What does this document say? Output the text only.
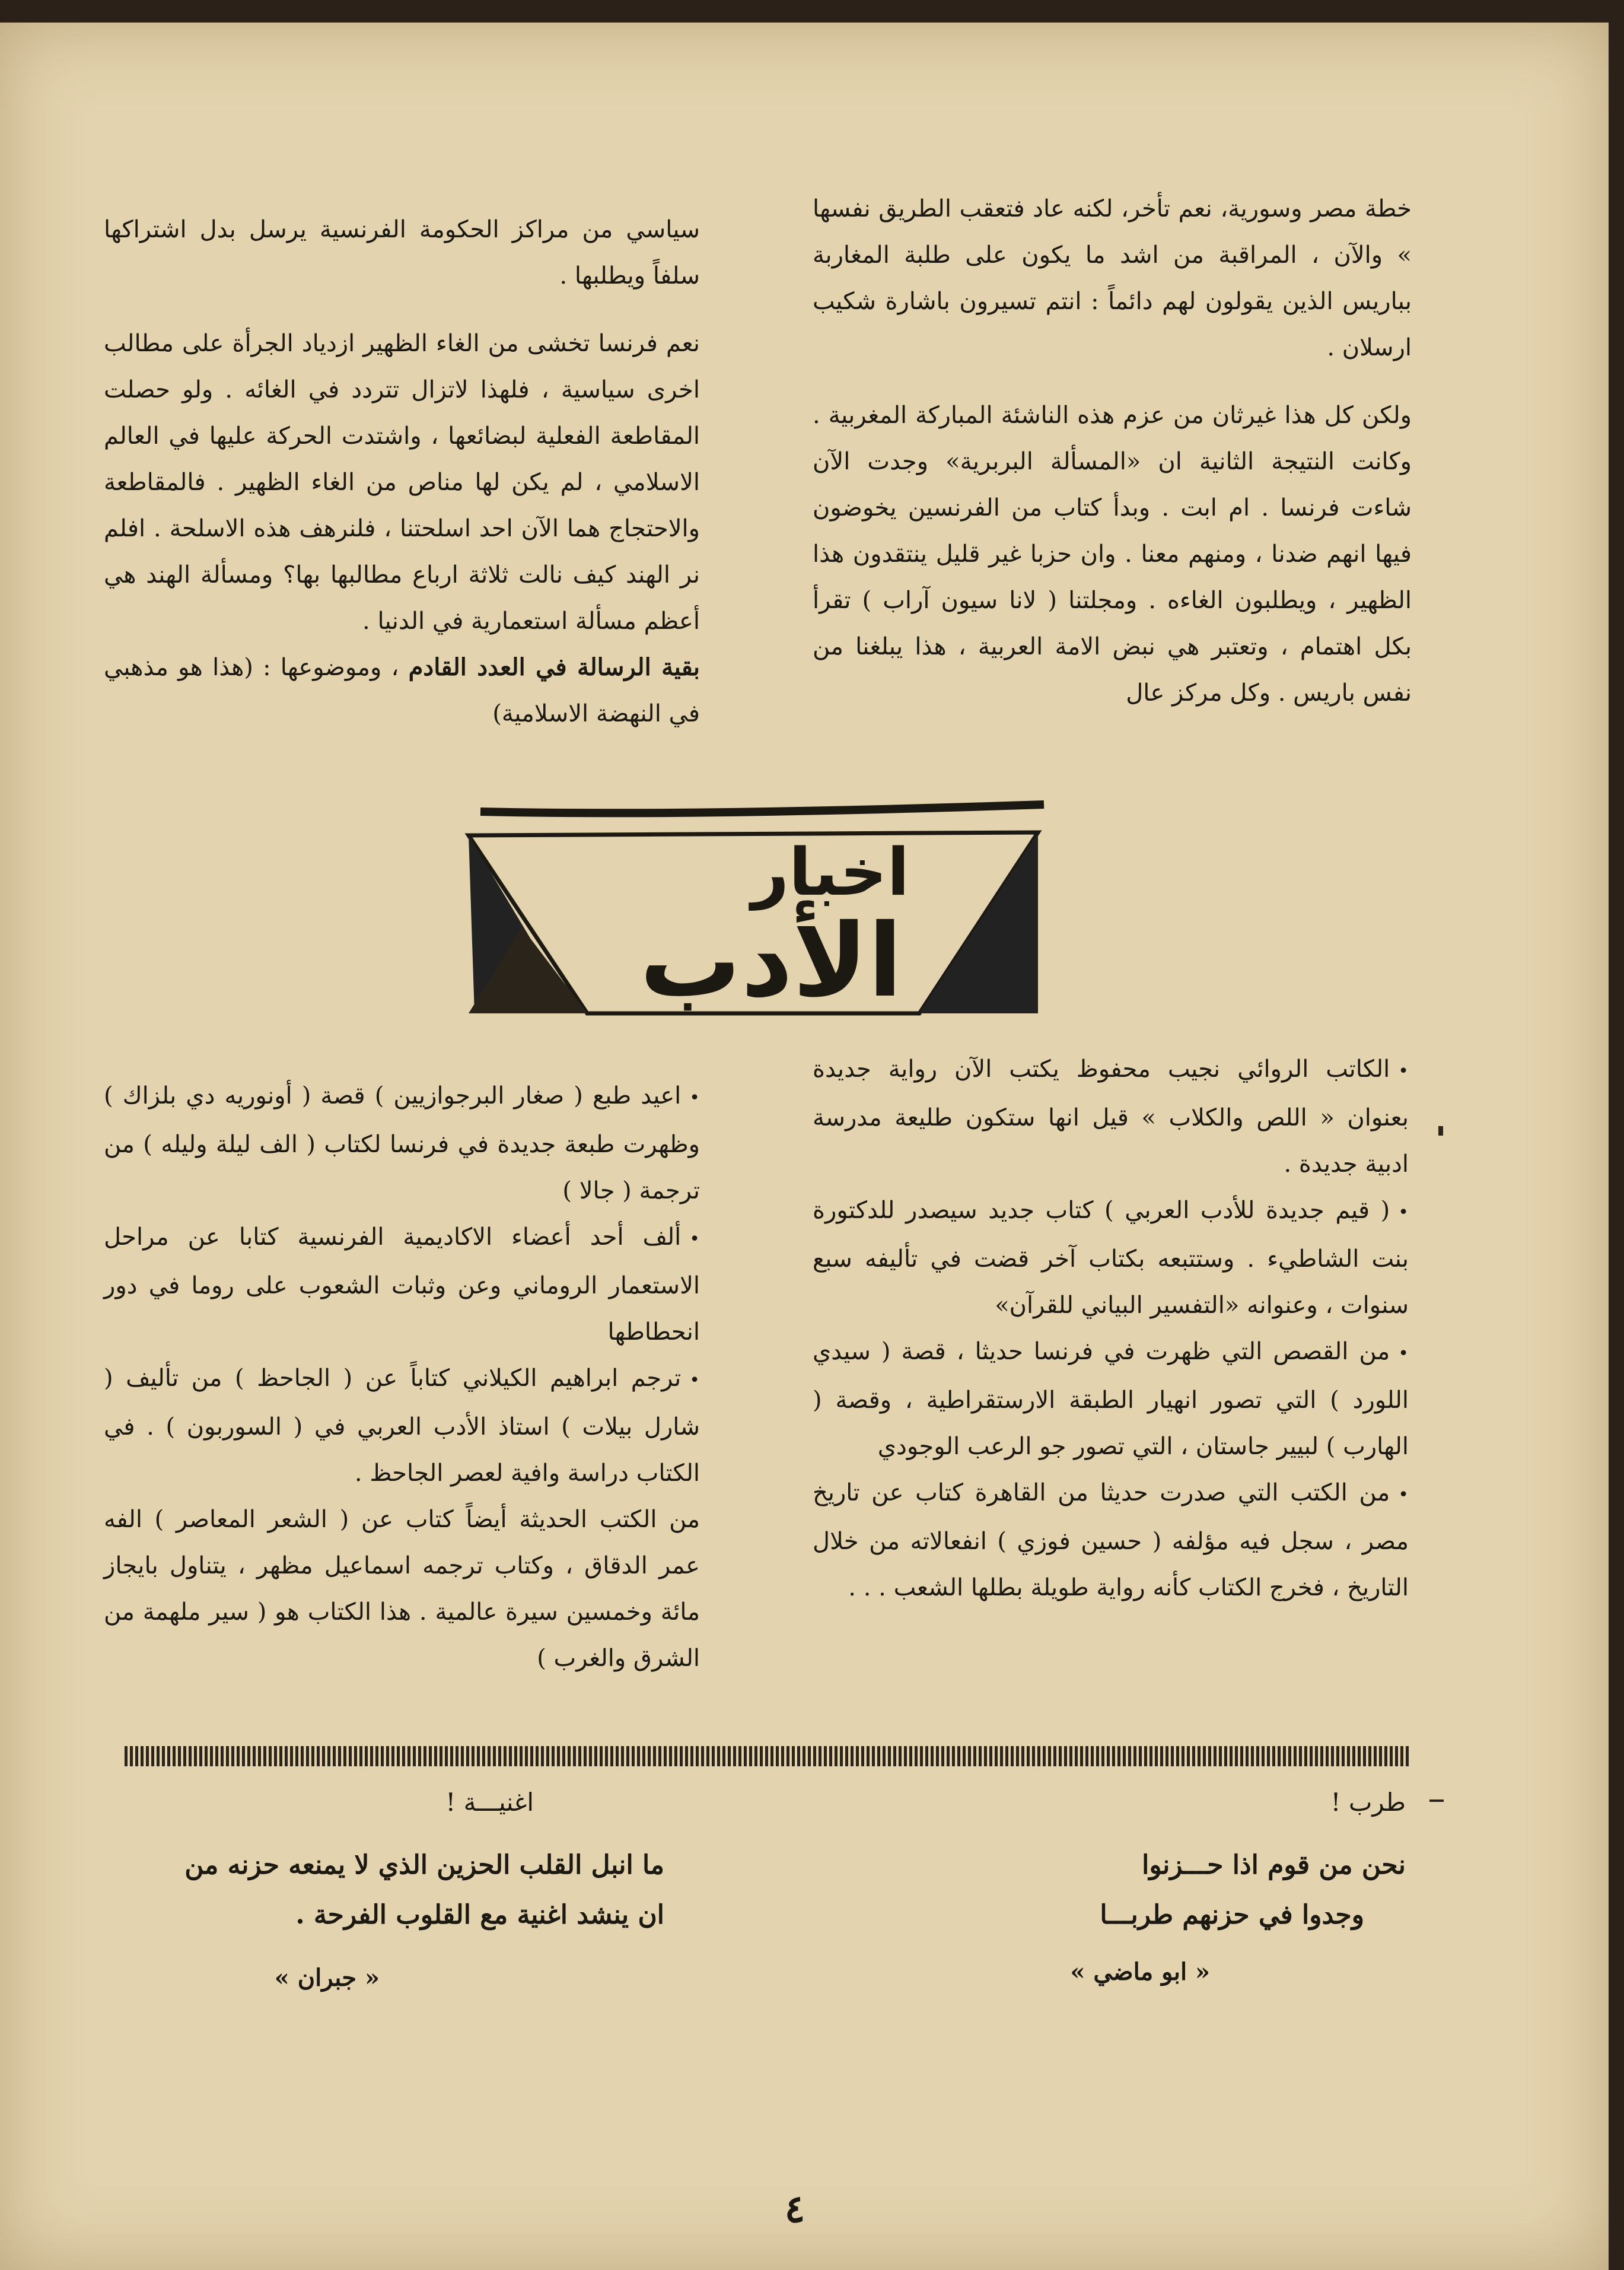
خطة مصر وسورية، نعم تأخر، لكنه عاد فتعقب الطريق نفسها » والآن ، المراقبة من اشد ما يكون على طلبة المغاربة بباريس الذين يقولون لهم دائماً : انتم تسيرون باشارة شكيب ارسلان .

ولكن كل هذا غيرثان من عزم هذه الناشئة المباركة المغربية . وكانت النتيجة الثانية ان «المسألة البربرية» وجدت الآن شاءت فرنسا . ام ابت . وبدأ كتاب من الفرنسين يخوضون فيها انهم ضدنا ، ومنهم معنا . وان حزبا غير قليل ينتقدون هذا الظهير ، ويطلبون الغاءه . ومجلتنا ( لانا سيون آراب ) تقرأ بكل اهتمام ، وتعتبر هي نبض الامة العربية ، هذا يبلغنا من نفس باريس . وكل مركز عال

سياسي من مراكز الحكومة الفرنسية يرسل بدل اشتراكها سلفاً ويطلبها .

نعم فرنسا تخشى من الغاء الظهير ازدياد الجرأة على مطالب اخرى سياسية ، فلهذا لاتزال تتردد في الغائه . ولو حصلت المقاطعة الفعلية لبضائعها ، واشتدت الحركة عليها في العالم الاسلامي ، لم يكن لها مناص من الغاء الظهير . فالمقاطعة والاحتجاج هما الآن احد اسلحتنا ، فلنرهف هذه الاسلحة . افلم نر الهند كيف نالت ثلاثة ارباع مطالبها بها؟ ومسألة الهند هي أعظم مسألة استعمارية في الدنيا .

بقية الرسالة في العدد القادم ، وموضوعها : (هذا هو مذهبي في النهضة الاسلامية)

اخبار
الأدب

•الكاتب الروائي نجيب محفوظ يكتب الآن رواية جديدة بعنوان « اللص والكلاب » قيل انها ستكون طليعة مدرسة ادبية جديدة .

•( قيم جديدة للأدب العربي ) كتاب جديد سيصدر للدكتورة بنت الشاطيء . وستتبعه بكتاب آخر قضت في تأليفه سبع سنوات ، وعنوانه «التفسير البياني للقرآن»

•من القصص التي ظهرت في فرنسا حديثا ، قصة ( سيدي اللورد ) التي تصور انهيار الطبقة الارستقراطية ، وقصة ( الهارب ) لبيير جاستان ، التي تصور جو الرعب الوجودي

•من الكتب التي صدرت حديثا من القاهرة كتاب عن تاريخ مصر ، سجل فيه مؤلفه ( حسين فوزي ) انفعالاته من خلال التاريخ ، فخرج الكتاب كأنه رواية طويلة بطلها الشعب . . .

•اعيد طبع ( صغار البرجوازيين ) قصة ( أونوريه دي بلزاك ) وظهرت طبعة جديدة في فرنسا لكتاب ( الف ليلة وليله ) من ترجمة ( جالا )

•ألف أحد أعضاء الاكاديمية الفرنسية كتابا عن مراحل الاستعمار الروماني وعن وثبات الشعوب على روما في دور انحطاطها

•ترجم ابراهيم الكيلاني كتاباً عن ( الجاحظ ) من تأليف ( شارل بيلات ) استاذ الأدب العربي في ( السوربون ) . في الكتاب دراسة وافية لعصر الجاحظ .

من الكتب الحديثة أيضاً كتاب عن ( الشعر المعاصر ) الفه عمر الدقاق ، وكتاب ترجمه اسماعيل مظهر ، يتناول بايجاز مائة وخمسين سيرة عالمية . هذا الكتاب هو ( سير ملهمة من الشرق والغرب )

طرب !
نحن من قوم اذا حـــزنوا
وجدوا في حزنهم طربـــا
« ابو ماضي »
اغنيـــة !
ما انبل القلب الحزين الذي لا يمنعه حزنه من
ان ينشد اغنية مع القلوب الفرحة .
« جبران »
٤
